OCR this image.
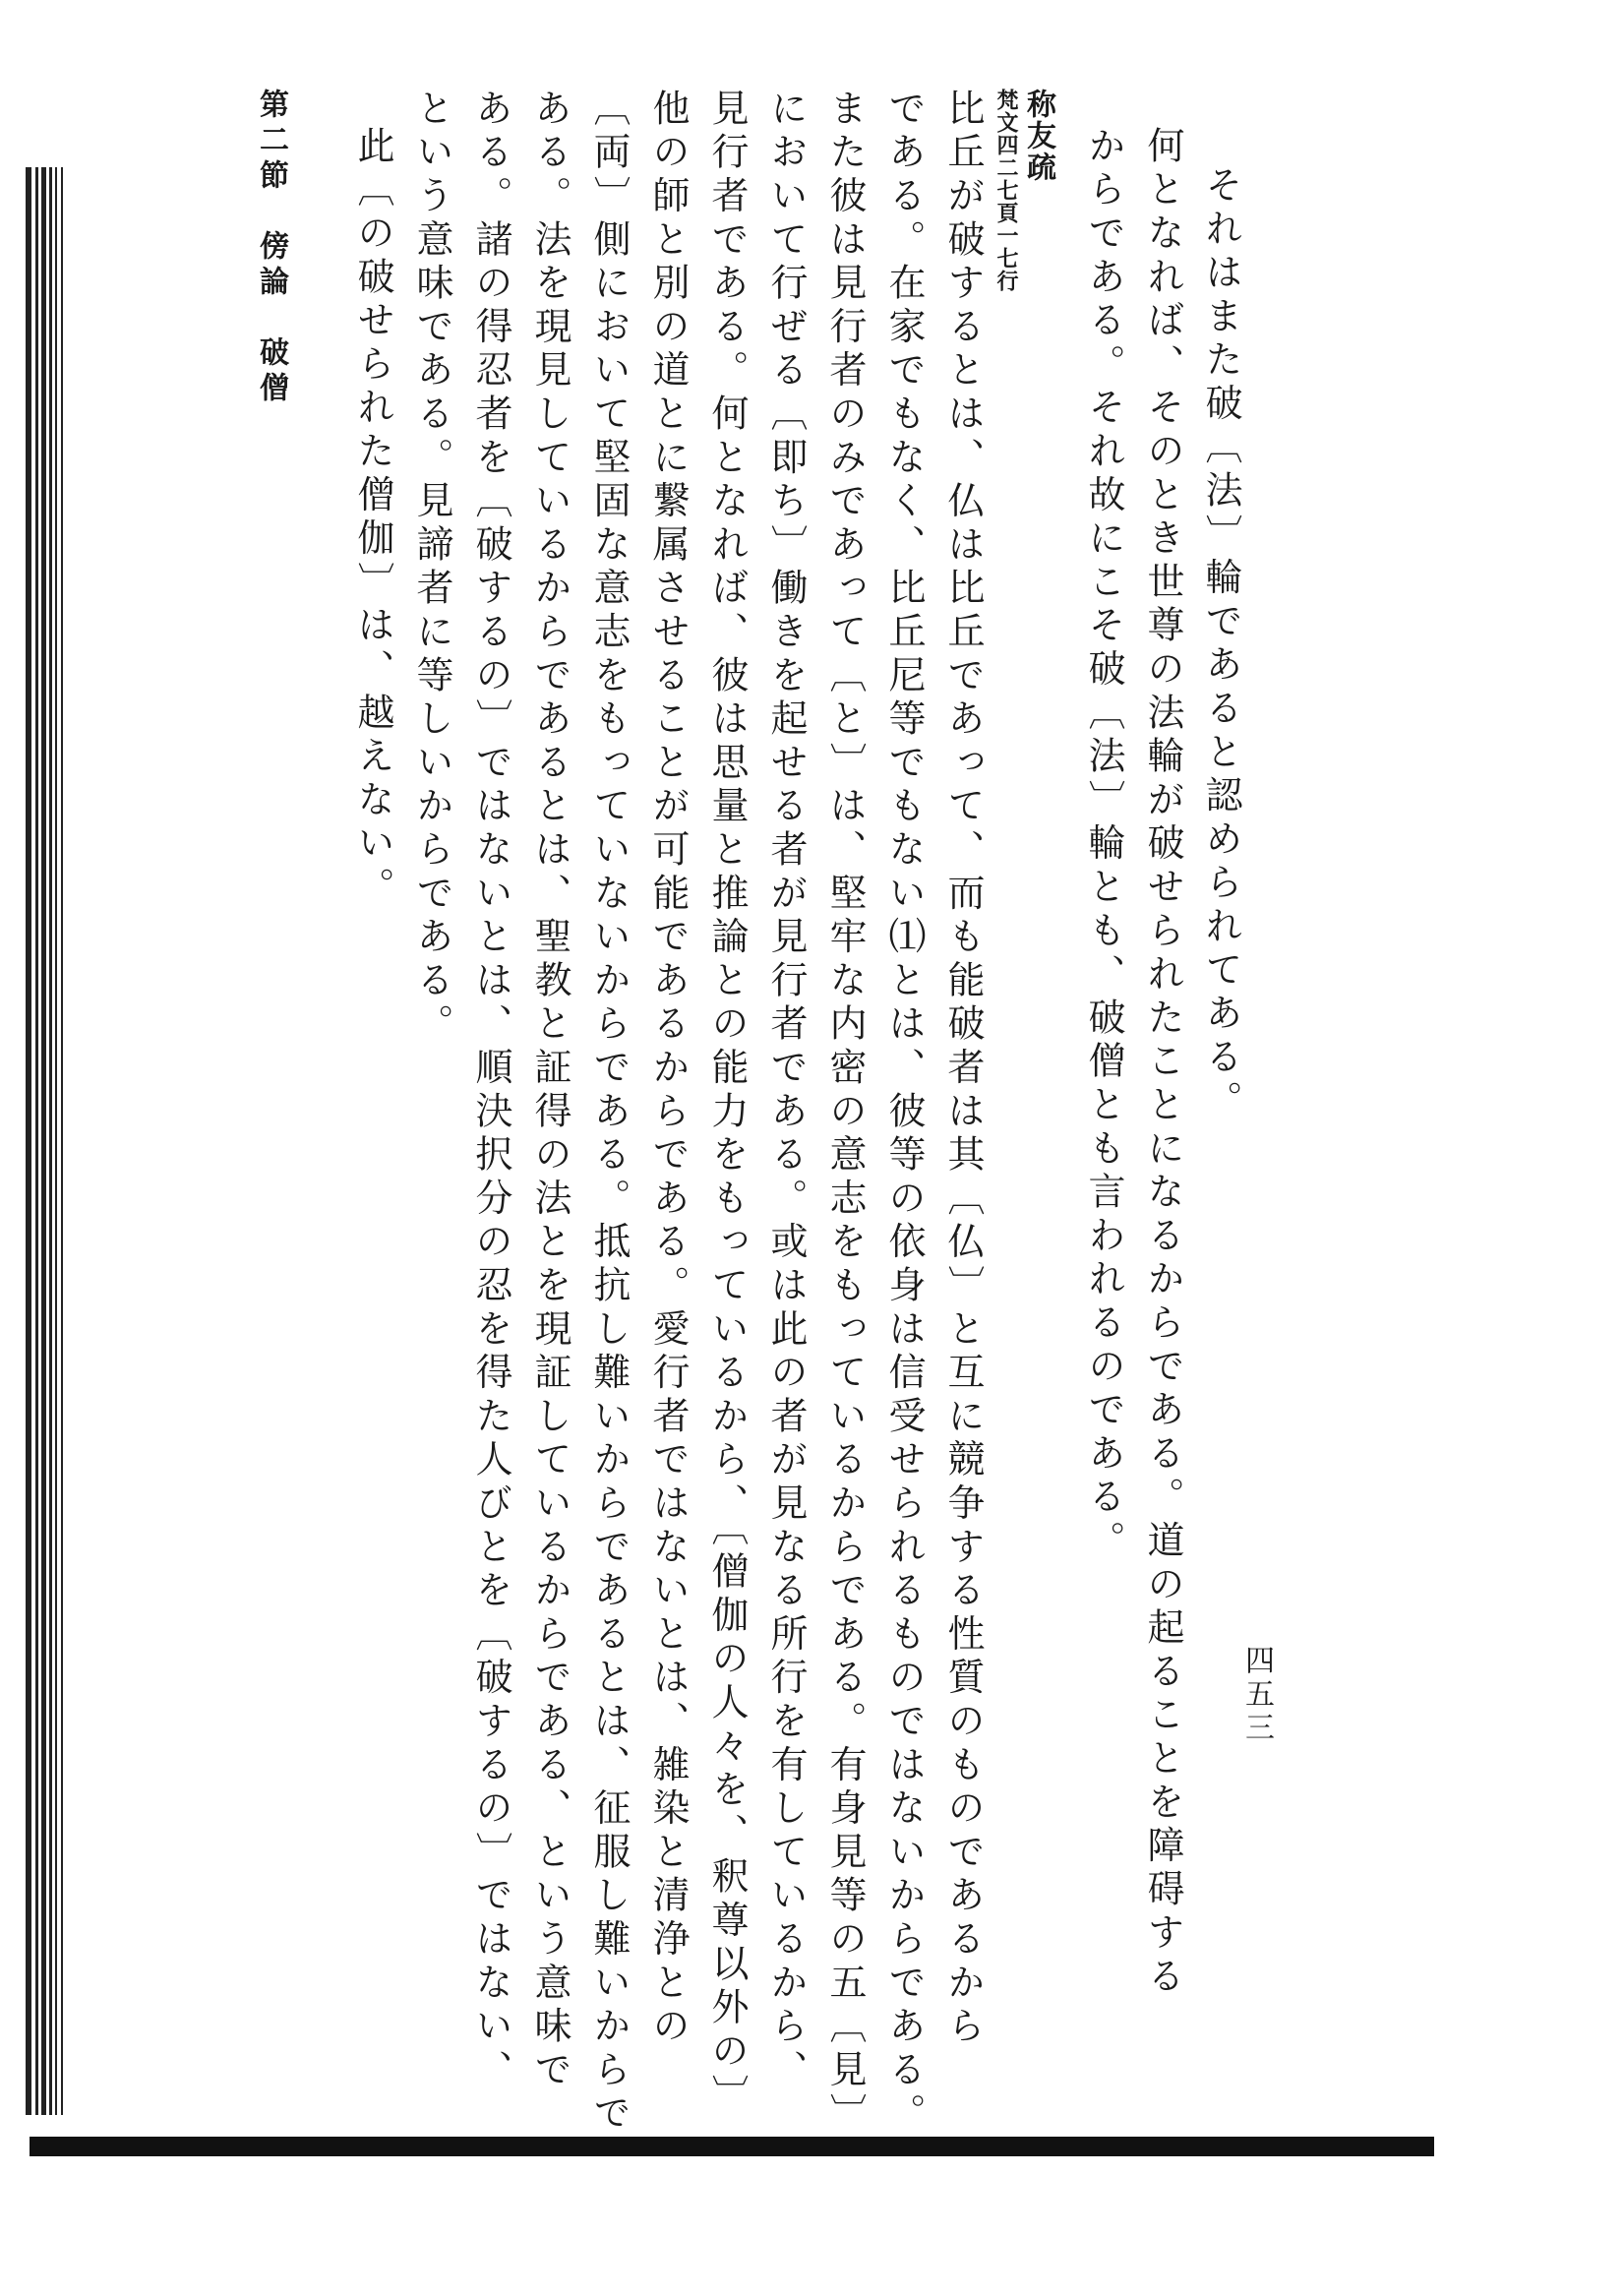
四五三
それはまた破〔法〕輪であると認められてある。
何となれば、そのとき世尊の法輪が破せられたことになるからである。道の起ることを障碍する
からである。それ故にこそ破〔法〕輪とも、破僧とも言われるのである。
称友疏
梵文四二七頁一七行
比丘が破するとは、仏は比丘であって、而も能破者は其〔仏〕と互に競争する性質のものであるから
である。在家でもなく、比丘尼等でもない⑴とは、彼等の依身は信受せられるものではないからである。
また彼は見行者のみであって〔と〕は、堅牢な内密の意志をもっているからである。有身見等の五〔見〕
において行ぜる〔即ち〕働きを起せる者が見行者である。或は此の者が見なる所行を有しているから、
見行者である。何となれば、彼は思量と推論との能力をもっているから、〔僧伽の人々を、釈尊以外の〕
他の師と別の道とに繋属させることが可能であるからである。愛行者ではないとは、雑染と清浄との
〔両〕側において堅固な意志をもっていないからである。抵抗し難いからであるとは、征服し難いからで
ある。法を現見しているからであるとは、聖教と証得の法とを現証しているからである、という意味で
ある。諸の得忍者を〔破するの〕ではないとは、順決択分の忍を得た人びとを〔破するの〕ではない、
という意味である。見諦者に等しいからである。
此〔の破せられた僧伽〕は、越えない。
第二節　傍論　破僧
